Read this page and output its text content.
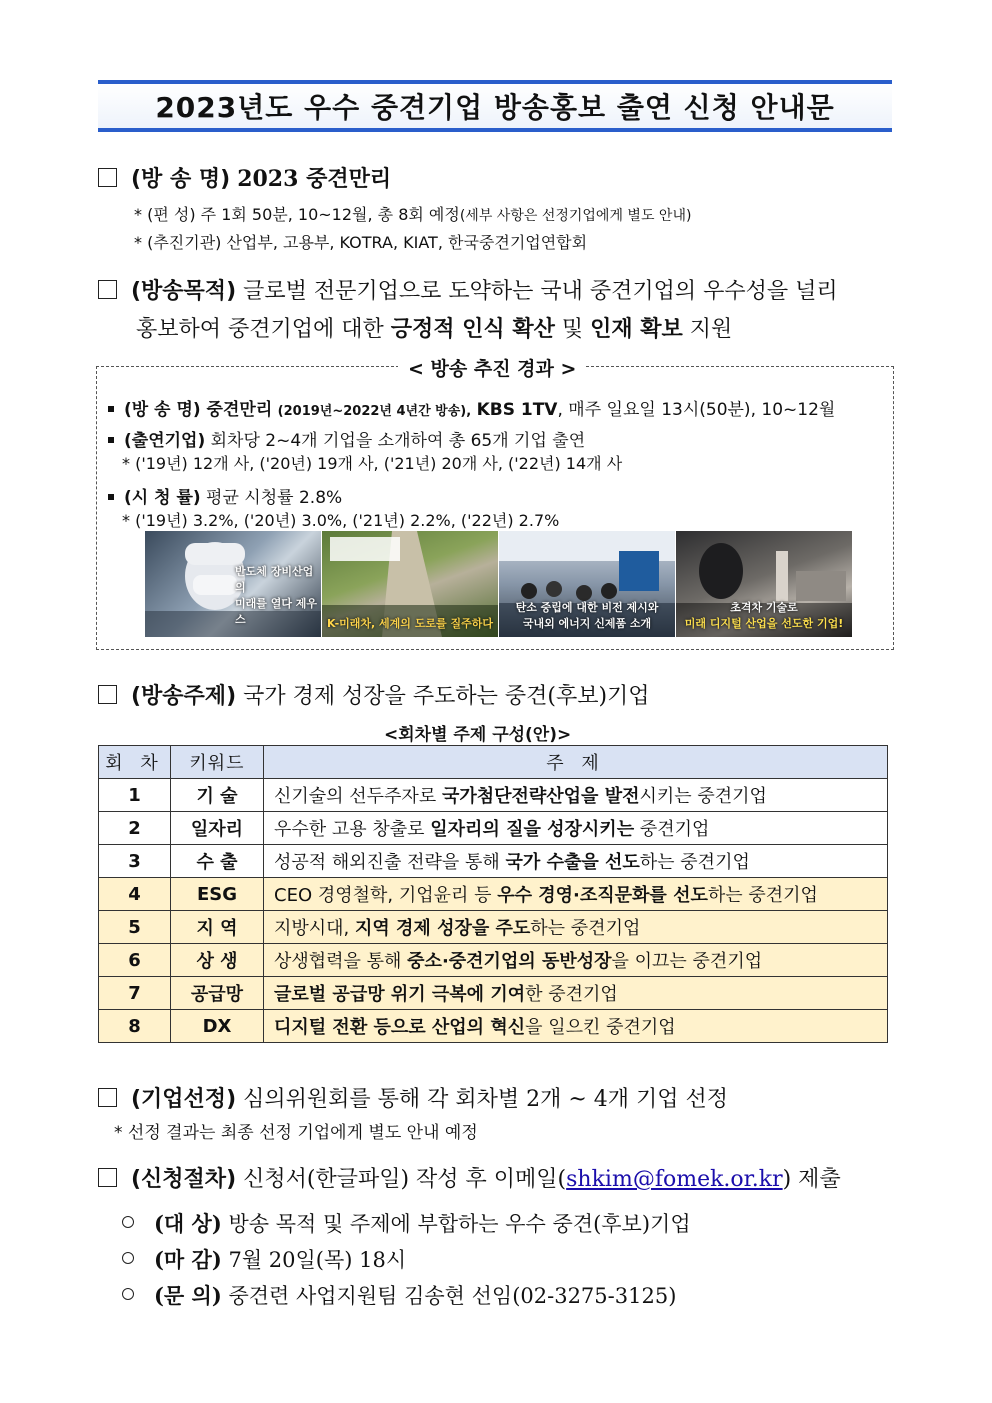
2023년도 우수 중견기업 방송홍보 출연 신청 안내문
(방 송 명) 2023 중견만리
* (편 성) 주 1회 50분, 10~12월, 총 8회 예정(세부 사항은 선정기업에게 별도 안내)
* (추진기관) 산업부, 고용부, KOTRA, KIAT, 한국중견기업연합회
(방송목적) 글로벌 전문기업으로 도약하는 국내 중견기업의 우수성을 널리
홍보하여 중견기업에 대한 긍정적 인식 확산 및 인재 확보 지원
< 방송 추진 경과 >
(방 송 명) 중견만리 (2019년~2022년 4년간 방송), KBS 1TV, 매주 일요일 13시(50분), 10~12월
(출연기업) 회차당 2~4개 기업을 소개하여 총 65개 기업 출연
* ('19년) 12개 사, ('20년) 19개 사, ('21년) 20개 사, ('22년) 14개 사
(시 청 률) 평균 시청률 2.8%
* ('19년) 3.2%, ('20년) 3.0%, ('21년) 2.2%, ('22년) 2.7%
반도체 장비산업의
미래를 열다 제우스	K-미래차, 세계의 도로를 질주하다
탄소 중립에 대한 비전 제시와
국내외 에너지 신제품 소개
초격차 기술로
미래 디지털 산업을 선도한 기업!
(방송주제) 국가 경제 성장을 주도하는 중견(후보)기업
<회차별 주제 구성(안)>
회 차	키워드	주 제
1	기 술	신기술의 선두주자로 국가첨단전략산업을 발전시키는 중견기업
2	일자리	우수한 고용 창출로 일자리의 질을 성장시키는 중견기업
3	수 출	성공적 해외진출 전략을 통해 국가 수출을 선도하는 중견기업
4	ESG	CEO 경영철학, 기업윤리 등 우수 경영·조직문화를 선도하는 중견기업
5	지 역	지방시대, 지역 경제 성장을 주도하는 중견기업
6	상 생	상생협력을 통해 중소·중견기업의 동반성장을 이끄는 중견기업
7	공급망	글로벌 공급망 위기 극복에 기여한 중견기업
8	DX	디지털 전환 등으로 산업의 혁신을 일으킨 중견기업
(기업선정) 심의위원회를 통해 각 회차별 2개 ~ 4개 기업 선정
* 선정 결과는 최종 선정 기업에게 별도 안내 예정
(신청절차) 신청서(한글파일) 작성 후 이메일(shkim@fomek.or.kr) 제출
(대 상) 방송 목적 및 주제에 부합하는 우수 중견(후보)기업
(마 감) 7월 20일(목) 18시
(문 의) 중견련 사업지원팀 김송현 선임(02-3275-3125)
